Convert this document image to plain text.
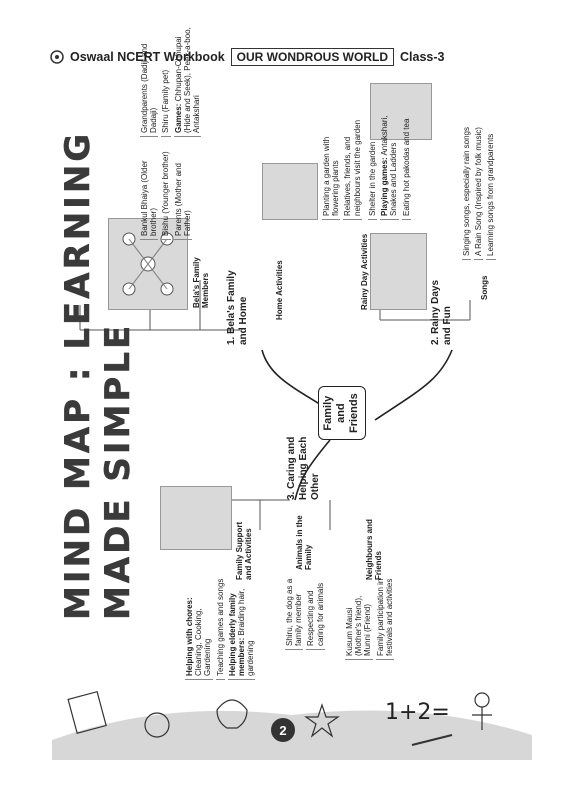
Oswaal NCERT Workbook	OUR WONDROUS WORLD Class-3
MIND MAP : LEARNING MADE SIMPLE	Family and Friends
1. Bela's Family and Home
Bela's Family Members
Bankul Bhaiya (Older brother) Bishu (Younger brother) Parents (Mother and Father)
Grandparents (Dadiji and Dadaji) Shiru (Family pet) Games: Chhupan-Chhupai (Hide and Seek), Peek-a-boo, Antakshari
Home Activities
Planting a garden with flowering plants Relatives, friends, and neighbours visit the garden
2. Rainy Days and Fun
Rainy Day Activities
Shelter in the garden Playing games: Antakshari, Snakes and Ladders Eating hot pakodas and tea
Songs
Singing songs, especially rain songs A Rain Song (Inspired by folk music) Learning songs from grandparents
3. Caring and Helping Each Other
Family Support and Activities
Helping with chores: Cleaning, Cooking, Gardening Teaching games and songs Helping elderly family members: Braiding hair, gardening
Animals in the Family
Shiru, the dog as a family member Respecting and caring for animals
Neighbours and Friends
Kusum Mausi (Mother's friend), Munni (Friend) Family participation in festivals and activities
1+2=
2
